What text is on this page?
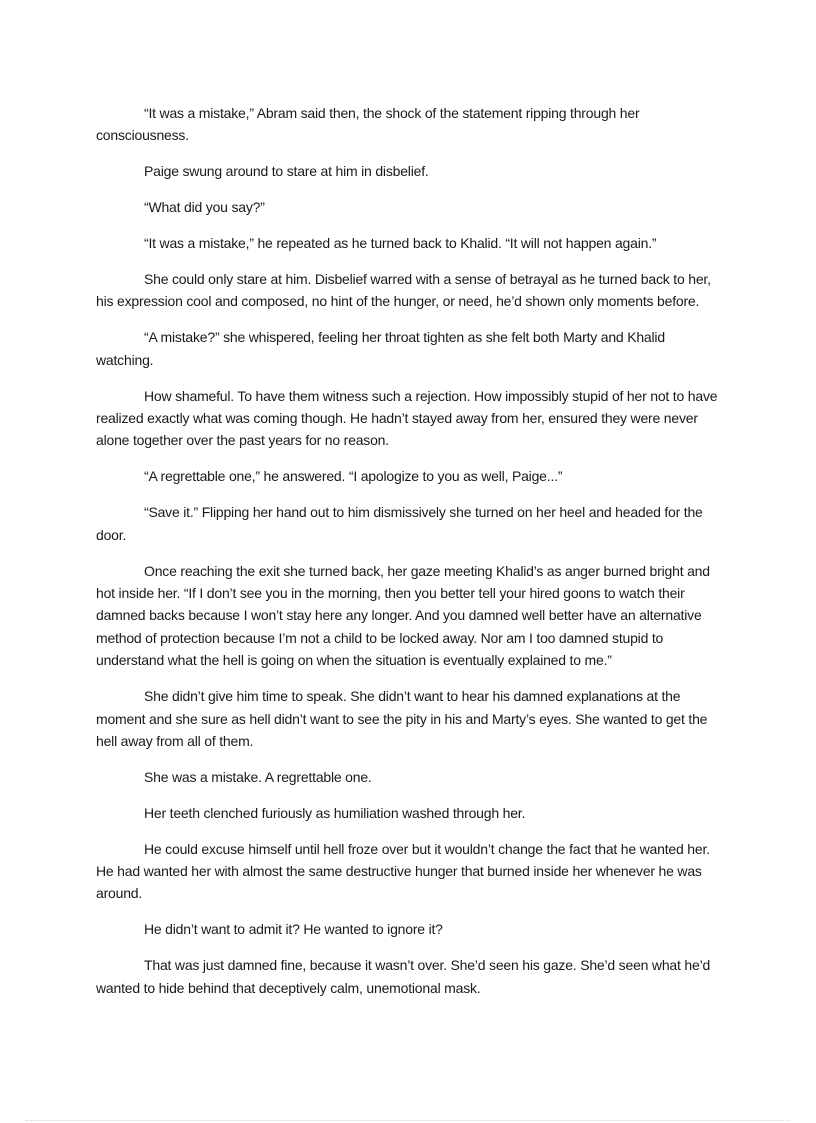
“It was a mistake,” Abram said then, the shock of the statement ripping through her consciousness.

Paige swung around to stare at him in disbelief.

“What did you say?”

“It was a mistake,” he repeated as he turned back to Khalid. “It will not happen again.”

She could only stare at him. Disbelief warred with a sense of betrayal as he turned back to her, his expression cool and composed, no hint of the hunger, or need, he’d shown only moments before.

“A mistake?” she whispered, feeling her throat tighten as she felt both Marty and Khalid watching.

How shameful. To have them witness such a rejection. How impossibly stupid of her not to have realized exactly what was coming though. He hadn’t stayed away from her, ensured they were never alone together over the past years for no reason.

“A regrettable one,” he answered. “I apologize to you as well, Paige...”

“Save it.” Flipping her hand out to him dismissively she turned on her heel and headed for the door.

Once reaching the exit she turned back, her gaze meeting Khalid’s as anger burned bright and hot inside her. “If I don’t see you in the morning, then you better tell your hired goons to watch their damned backs because I won’t stay here any longer. And you damned well better have an alternative method of protection because I’m not a child to be locked away. Nor am I too damned stupid to understand what the hell is going on when the situation is eventually explained to me.”

She didn’t give him time to speak. She didn’t want to hear his damned explanations at the moment and she sure as hell didn’t want to see the pity in his and Marty’s eyes. She wanted to get the hell away from all of them.

She was a mistake. A regrettable one.

Her teeth clenched furiously as humiliation washed through her.

He could excuse himself until hell froze over but it wouldn’t change the fact that he wanted her. He had wanted her with almost the same destructive hunger that burned inside her whenever he was around.

He didn’t want to admit it? He wanted to ignore it?

That was just damned fine, because it wasn’t over. She’d seen his gaze. She’d seen what he’d wanted to hide behind that deceptively calm, unemotional mask.
